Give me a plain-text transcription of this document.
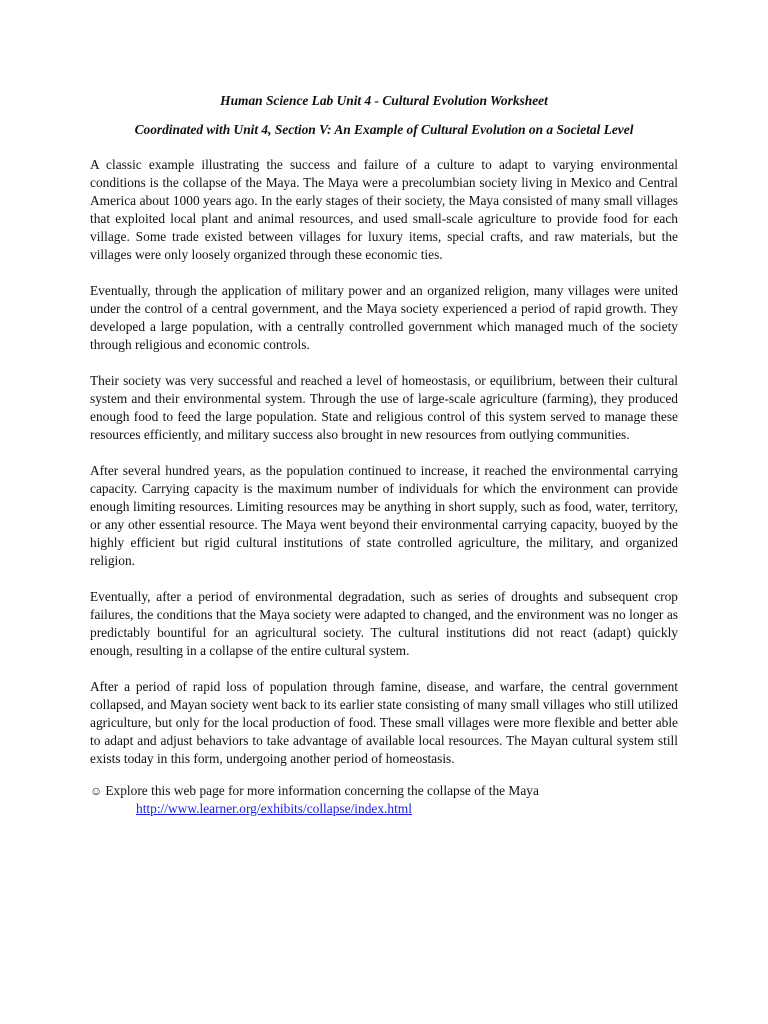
Human Science Lab Unit 4 - Cultural Evolution Worksheet

Coordinated with Unit 4, Section V: An Example of Cultural Evolution on a Societal Level

A classic example illustrating the success and failure of a culture to adapt to varying environmental conditions is the collapse of the Maya. The Maya were a precolumbian society living in Mexico and Central America about 1000 years ago. In the early stages of their society, the Maya consisted of many small villages that exploited local plant and animal resources, and used small-scale agriculture to provide food for each village. Some trade existed between villages for luxury items, special crafts, and raw materials, but the villages were only loosely organized through these economic ties.

Eventually, through the application of military power and an organized religion, many villages were united under the control of a central government, and the Maya society experienced a period of rapid growth. They developed a large population, with a centrally controlled government which managed much of the society through religious and economic controls.

Their society was very successful and reached a level of homeostasis, or equilibrium, between their cultural system and their environmental system. Through the use of large-scale agriculture (farming), they produced enough food to feed the large population. State and religious control of this system served to manage these resources efficiently, and military success also brought in new resources from outlying communities.

After several hundred years, as the population continued to increase, it reached the environmental carrying capacity. Carrying capacity is the maximum number of individuals for which the environment can provide enough limiting resources. Limiting resources may be anything in short supply, such as food, water, territory, or any other essential resource. The Maya went beyond their environmental carrying capacity, buoyed by the highly efficient but rigid cultural institutions of state controlled agriculture, the military, and organized religion.

Eventually, after a period of environmental degradation, such as series of droughts and subsequent crop failures, the conditions that the Maya society were adapted to changed, and the environment was no longer as predictably bountiful for an agricultural society. The cultural institutions did not react (adapt) quickly enough, resulting in a collapse of the entire cultural system.

After a period of rapid loss of population through famine, disease, and warfare, the central government collapsed, and Mayan society went back to its earlier state consisting of many small villages who still utilized agriculture, but only for the local production of food. These small villages were more flexible and better able to adapt and adjust behaviors to take advantage of available local resources. The Mayan cultural system still exists today in this form, undergoing another period of homeostasis.

☺ Explore this web page for more information concerning the collapse of the Maya
http://www.learner.org/exhibits/collapse/index.html
